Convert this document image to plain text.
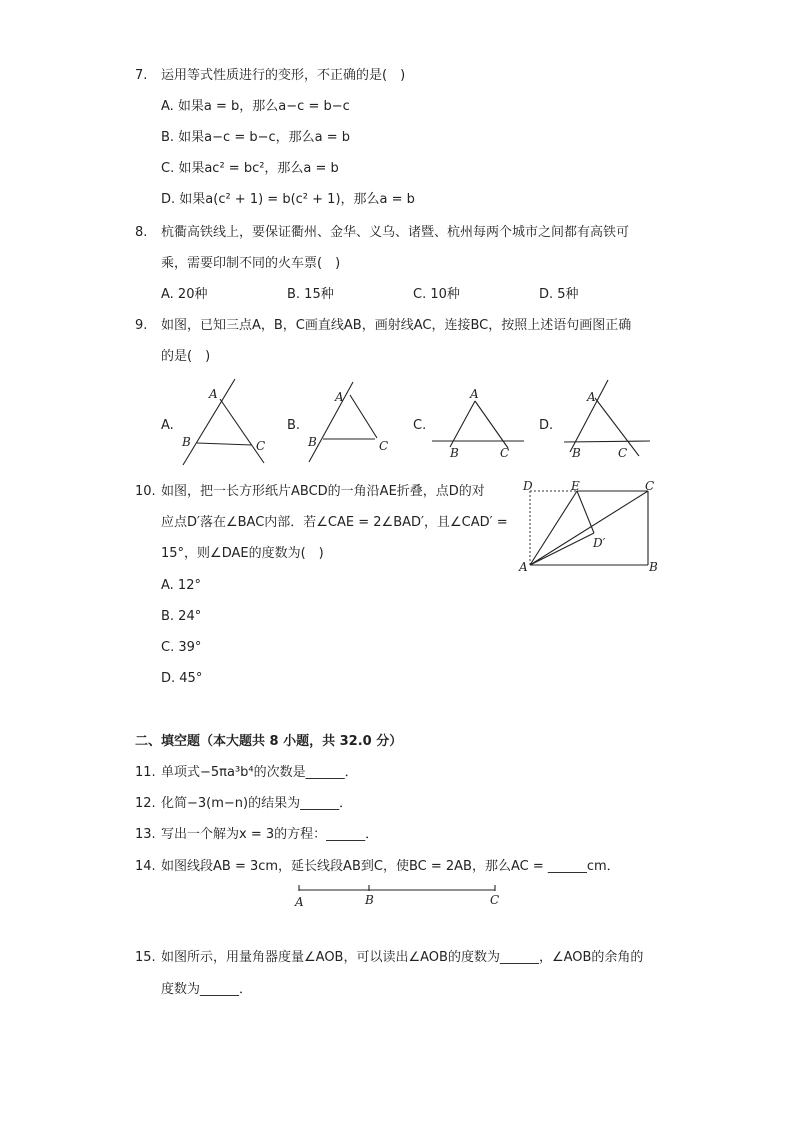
7. 运用等式性质进行的变形，不正确的是(　)
A. 如果a = b，那么a−c = b−c
B. 如果a−c = b−c，那么a = b
C. 如果ac² = bc²，那么a = b
D. 如果a(c² + 1) = b(c² + 1)，那么a = b
8. 杭衢高铁线上，要保证衢州、金华、义乌、诸暨、杭州每两个城市之间都有高铁可
乘，需要印制不同的火车票(　)
A. 20种	B. 15种	C. 10种	D. 5种
9. 如图，已知三点A，B，C画直线AB，画射线AC，连接BC，按照上述语句画图正确
的是(　)
A.	B.	C.	D.
A
B	C
A
B	C
A
B	C
A
B	C
10. 如图，把一长方形纸片ABCD的一角沿AE折叠，点D的对
应点D′落在∠BAC内部．若∠CAE = 2∠BAD′，且∠CAD′ =
15°，则∠DAE的度数为(　)
A. 12°
B. 24°
C. 39°
D. 45°
D	E	C
D′
A	B
二、填空题（本大题共 8 小题，共 32.0 分）
11. 单项式−5πa³b⁴的次数是______．
12. 化简−3(m−n)的结果为______．
13. 写出一个解为x = 3的方程：______．
14. 如图线段AB = 3cm，延长线段AB到C，使BC = 2AB，那么AC = ______cm．
A	B	C
15. 如图所示，用量角器度量∠AOB，可以读出∠AOB的度数为______，∠AOB的余角的
度数为______．
